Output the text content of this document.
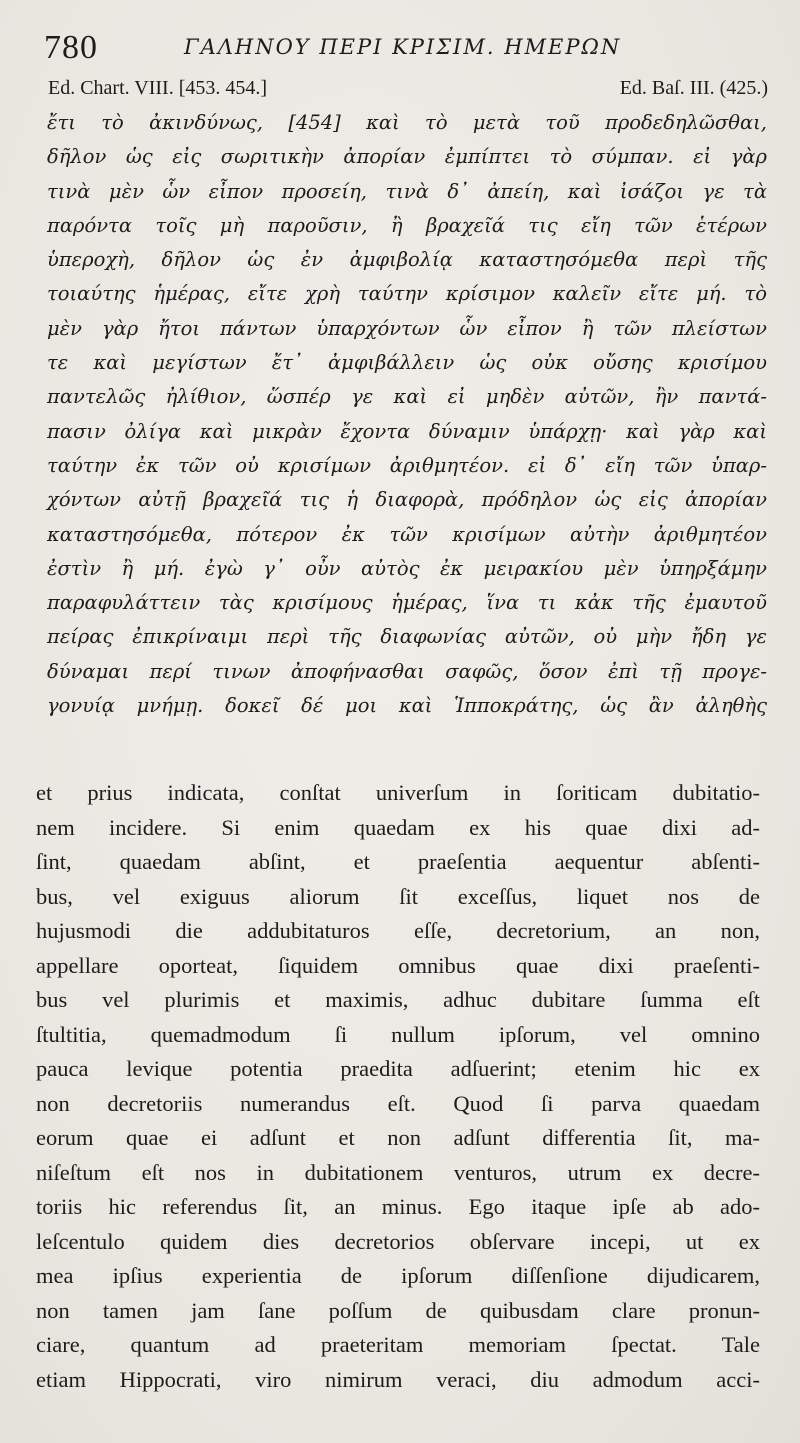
780	ΓΑΛΗΝΟΥ ΠΕΡΙ ΚΡΙΣΙΜ. ΗΜΕΡΩΝ
Ed. Chart. VIII. [453. 454.]	Ed. Baſ. III. (425.)
ἔτι τὸ ἀκινδύνως, [454] καὶ τὸ μετὰ τοῦ προδεδηλῶσθαι,
δῆλον ὡς εἰς σωριτικὴν ἀπορίαν ἐμπίπτει τὸ σύμπαν. εἰ γὰρ
τινὰ μὲν ὧν εἶπον προσείη, τινὰ δ᾽ ἀπείη, καὶ ἰσάζοι γε τὰ
παρόντα τοῖς μὴ παροῦσιν, ἢ βραχεῖά τις εἴη τῶν ἑτέρων
ὑπεροχὴ, δῆλον ὡς ἐν ἀμφιβολίᾳ καταστησόμεθα περὶ τῆς
τοιαύτης ἡμέρας, εἴτε χρὴ ταύτην κρίσιμον καλεῖν εἴτε μή. τὸ
μὲν γὰρ ἤτοι πάντων ὑπαρχόντων ὧν εἶπον ἢ τῶν πλείστων
τε καὶ μεγίστων ἔτ᾽ ἀμφιβάλλειν ὡς οὐκ οὔσης κρισίμου
παντελῶς ἠλίθιον, ὥσπέρ γε καὶ εἰ μηδὲν αὐτῶν, ἢν παντά-
πασιν ὀλίγα καὶ μικρὰν ἔχοντα δύναμιν ὑπάρχῃ· καὶ γὰρ καὶ
ταύτην ἐκ τῶν οὐ κρισίμων ἀριθμητέον. εἰ δ᾽ εἴη τῶν ὑπαρ-
χόντων αὐτῇ βραχεῖά τις ἡ διαφορὰ, πρόδηλον ὡς εἰς ἀπορίαν
καταστησόμεθα, πότερον ἐκ τῶν κρισίμων αὐτὴν ἀριθμητέον
ἐστὶν ἢ μή. ἐγὼ γ᾽ οὖν αὐτὸς ἐκ μειρακίου μὲν ὑπηρξάμην
παραφυλάττειν τὰς κρισίμους ἡμέρας, ἵνα τι κἀκ τῆς ἐμαυτοῦ
πείρας ἐπικρίναιμι περὶ τῆς διαφωνίας αὐτῶν, οὐ μὴν ἤδη γε
δύναμαι περί τινων ἀποφήνασθαι σαφῶς, ὅσον ἐπὶ τῇ προγε-
γονυίᾳ μνήμῃ. δοκεῖ δέ μοι καὶ Ἱπποκράτης, ὡς ἂν ἀληθὴς
et prius indicata, conſtat univerſum in ſoriticam dubitatio-
nem incidere. Si enim quaedam ex his quae dixi ad-
ſint, quaedam abſint, et praeſentia aequentur abſenti-
bus, vel exiguus aliorum ſit exceſſus, liquet nos de
hujusmodi die addubitaturos eſſe, decretorium, an non,
appellare oporteat, ſiquidem omnibus quae dixi praeſenti-
bus vel plurimis et maximis, adhuc dubitare ſumma eſt
ſtultitia, quemadmodum ſi nullum ipſorum, vel omnino
pauca levique potentia praedita adſuerint; etenim hic ex
non decretoriis numerandus eſt. Quod ſi parva quaedam
eorum quae ei adſunt et non adſunt differentia ſit, ma-
niſeſtum eſt nos in dubitationem venturos, utrum ex decre-
toriis hic referendus ſit, an minus. Ego itaque ipſe ab ado-
leſcentulo quidem dies decretorios obſervare incepi, ut ex
mea ipſius experientia de ipſorum diſſenſione dijudicarem,
non tamen jam ſane poſſum de quibusdam clare pronun-
ciare, quantum ad praeteritam memoriam ſpectat. Tale
etiam Hippocrati, viro nimirum veraci, diu admodum acci-
